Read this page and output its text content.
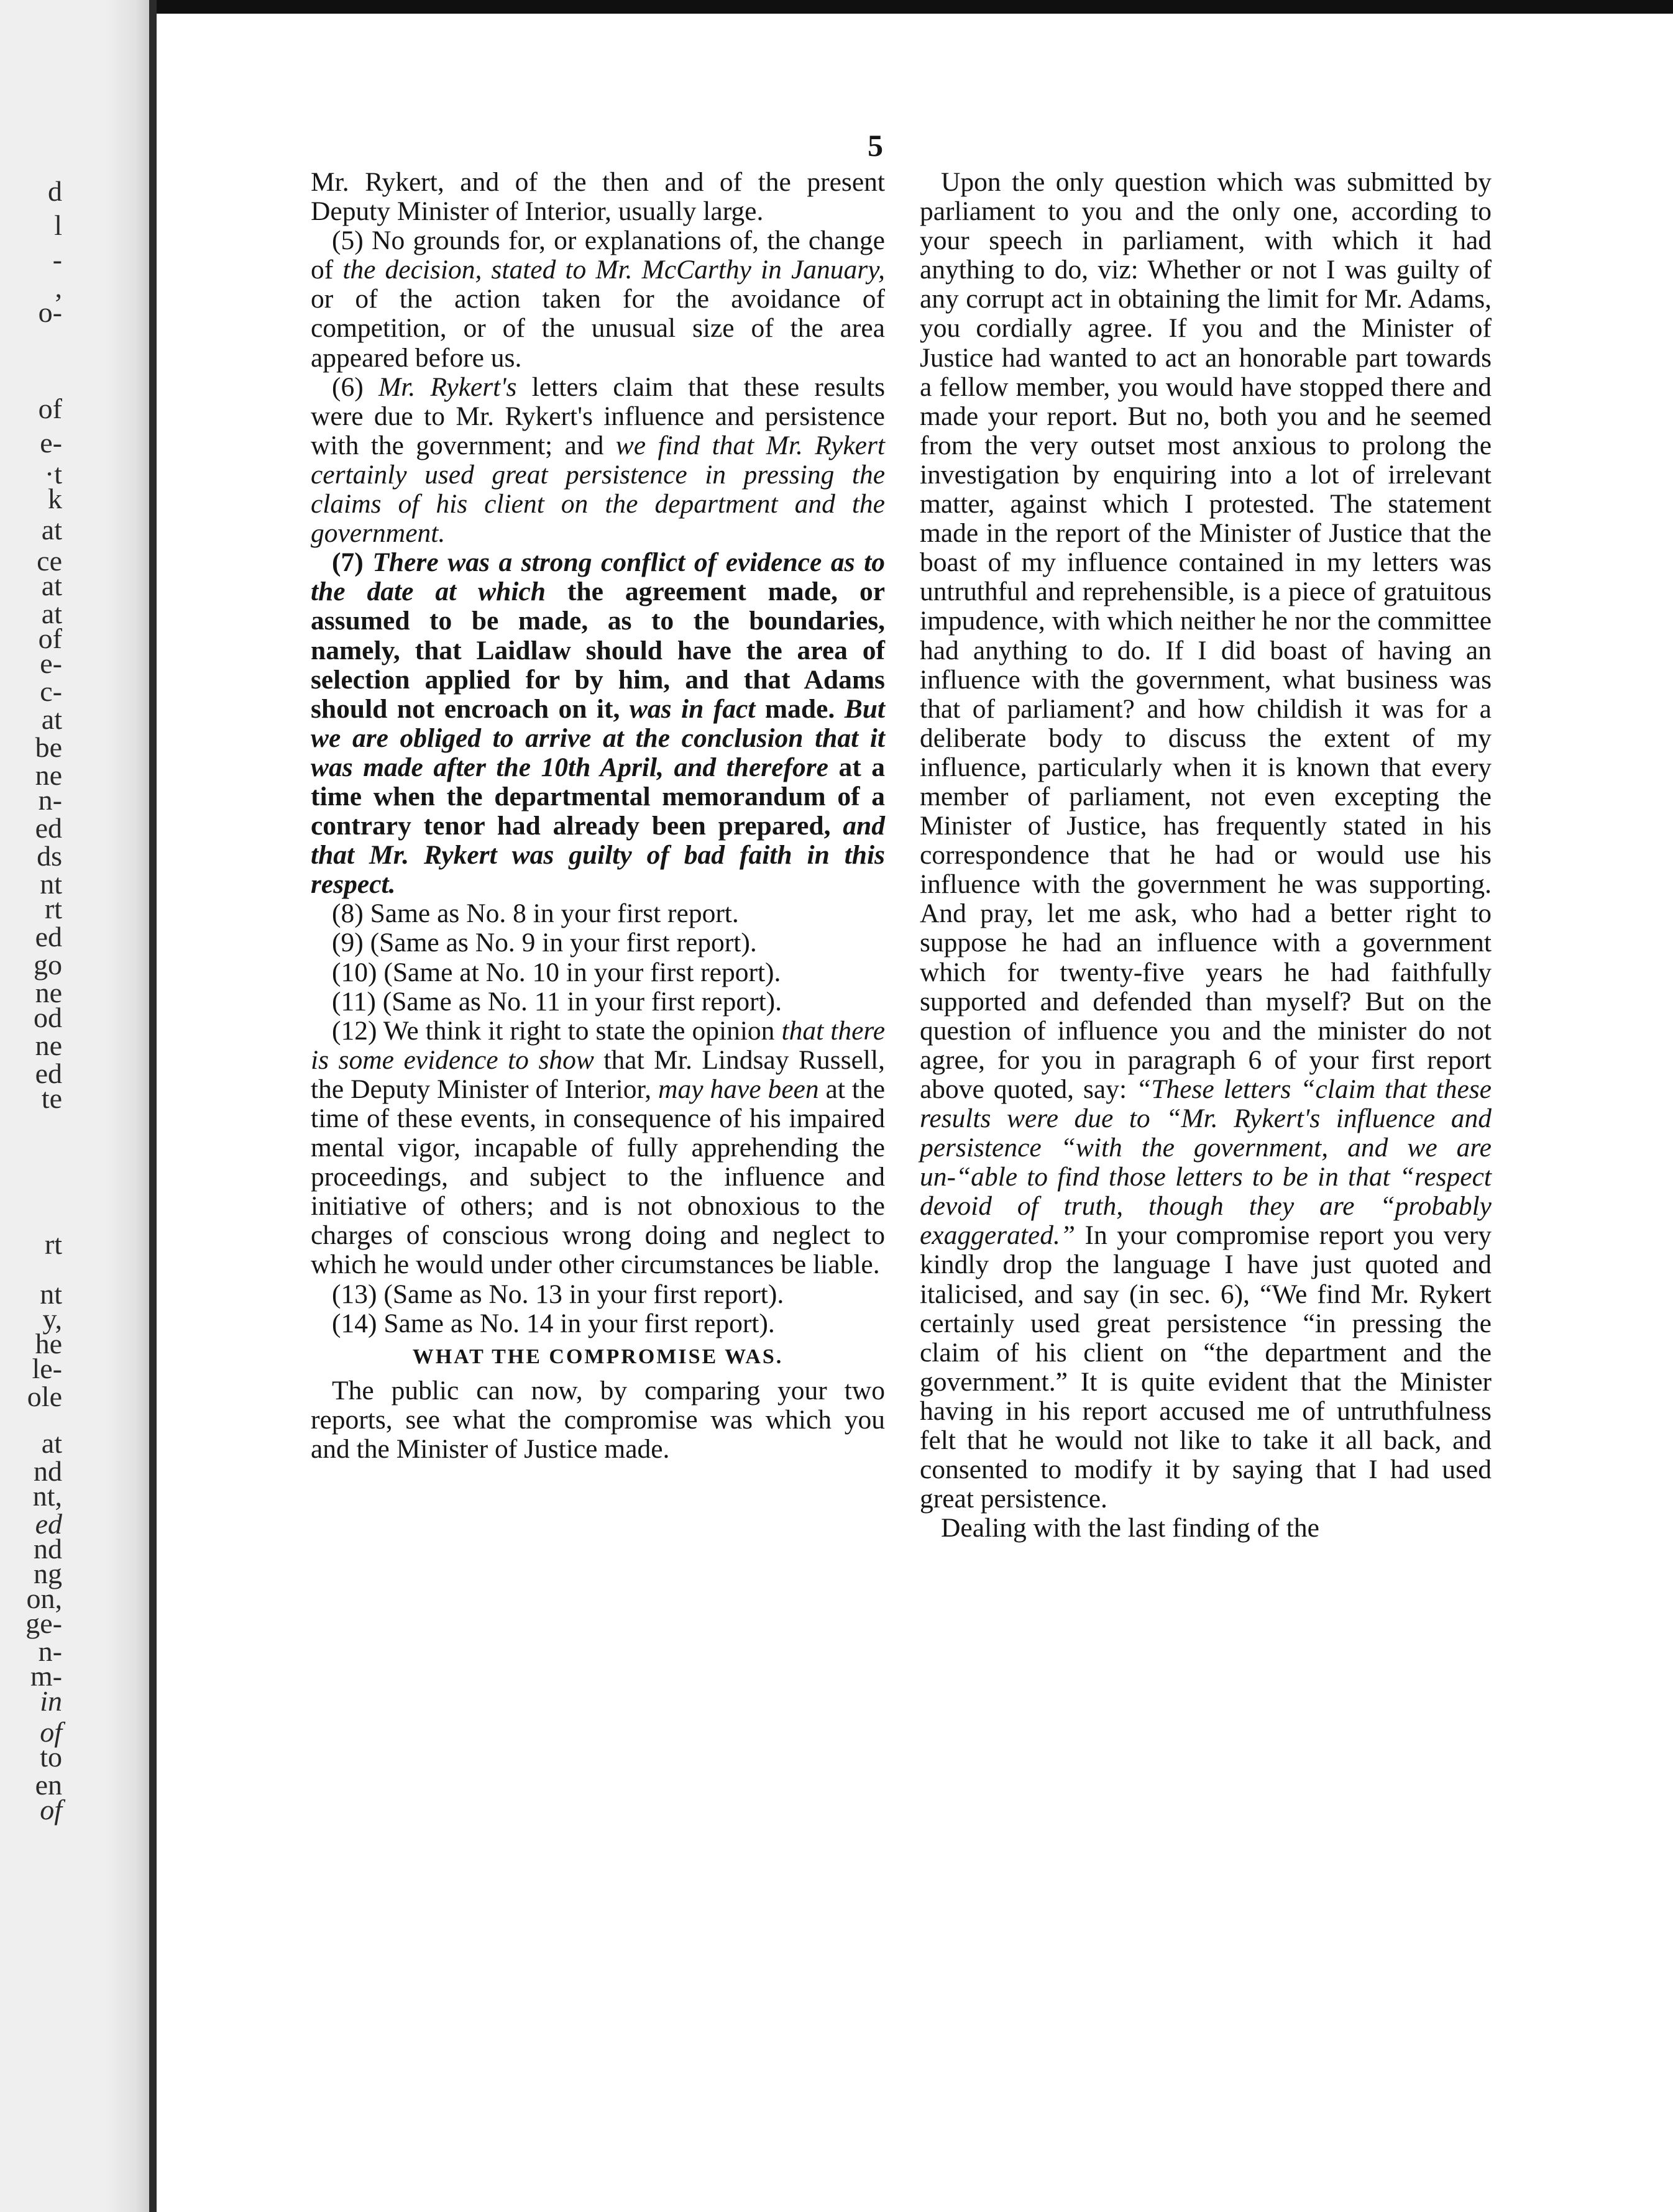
d
l
-
,
o-
of
e-
·t
k
at
ce
at
at
of
e-
c-
at
be
ne
n-
ed
ds
nt
rt
ed
go
ne
od
ne
ed
te
rt
nt
y,
he
le-
ole
at
nd
nt,
ed
nd
ng
on,
ge-
n-
m-
in
of
to
en
of
5

Mr. Rykert, and of the then and of the present Deputy Minister of Interior, usually large.

(5) No grounds for, or explanations of, the change of the decision, stated to Mr. McCarthy in January, or of the action taken for the avoidance of competition, or of the unusual size of the area appeared before us.

(6) Mr. Rykert's letters claim that these results were due to Mr. Rykert's influence and persistence with the government; and we find that Mr. Rykert certainly used great persistence in pressing the claims of his client on the department and the government.

(7) There was a strong conflict of evidence as to the date at which the agreement made, or assumed to be made, as to the boundaries, namely, that Laidlaw should have the area of selection applied for by him, and that Adams should not encroach on it, was in fact made. But we are obliged to arrive at the conclusion that it was made after the 10th April, and therefore at a time when the departmental memorandum of a contrary tenor had already been prepared, and that Mr. Rykert was guilty of bad faith in this respect.

(8) Same as No. 8 in your first report.

(9) (Same as No. 9 in your first report).

(10) (Same at No. 10 in your first report).

(11) (Same as No. 11 in your first report).

(12) We think it right to state the opinion that there is some evidence to show that Mr. Lindsay Russell, the Deputy Minister of Interior, may have been at the time of these events, in consequence of his impaired mental vigor, incapable of fully apprehending the proceedings, and subject to the influence and initiative of others; and is not obnoxious to the charges of conscious wrong doing and neglect to which he would under other circumstances be liable.

(13) (Same as No. 13 in your first report).

(14) Same as No. 14 in your first report).

WHAT THE COMPROMISE WAS.

The public can now, by comparing your two reports, see what the compromise was which you and the Minister of Justice made.

Upon the only question which was submitted by parliament to you and the only one, according to your speech in parliament, with which it had anything to do, viz: Whether or not I was guilty of any corrupt act in obtaining the limit for Mr. Adams, you cordially agree. If you and the Minister of Justice had wanted to act an honorable part towards a fellow member, you would have stopped there and made your report. But no, both you and he seemed from the very outset most anxious to prolong the investigation by enquiring into a lot of irrelevant matter, against which I protested. The statement made in the report of the Minister of Justice that the boast of my influence contained in my letters was untruthful and reprehensible, is a piece of gratuitous impudence, with which neither he nor the committee had anything to do. If I did boast of having an influence with the government, what business was that of parliament? and how childish it was for a deliberate body to discuss the extent of my influence, particularly when it is known that every member of parliament, not even excepting the Minister of Justice, has frequently stated in his correspondence that he had or would use his influence with the government he was supporting. And pray, let me ask, who had a better right to suppose he had an influence with a government which for twenty-five years he had faithfully supported and defended than myself? But on the question of influence you and the minister do not agree, for you in paragraph 6 of your first report above quoted, say: “These letters “claim that these results were due to “Mr. Rykert's influence and persistence “with the government, and we are un-“able to find those letters to be in that “respect devoid of truth, though they are “probably exaggerated.” In your compromise report you very kindly drop the language I have just quoted and italicised, and say (in sec. 6), “We find Mr. Rykert certainly used great persistence “in pressing the claim of his client on “the department and the government.” It is quite evident that the Minister having in his report accused me of untruthfulness felt that he would not like to take it all back, and consented to modify it by saying that I had used great persistence.

Dealing with the last finding of the
